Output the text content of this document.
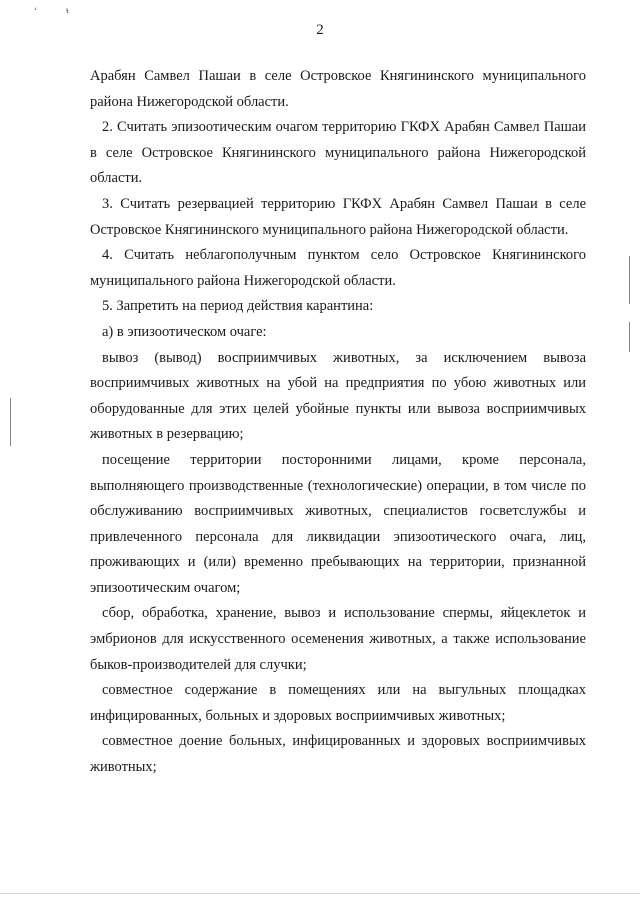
‘	ᵼ
2

Арабян Самвел Пашаи в селе Островское Княгининского муниципального района Нижегородской области.

2. Считать эпизоотическим очагом территорию ГКФХ Арабян Самвел Пашаи в селе Островское Княгининского муниципального района Нижегородской области.

3. Считать резервацией территорию ГКФХ Арабян Самвел Пашаи в селе Островское Княгининского муниципального района Нижегородской области.

4. Считать неблагополучным пунктом село Островское Княгининского муниципального района Нижегородской области.

5. Запретить на период действия карантина:

а) в эпизоотическом очаге:

вывоз (вывод) восприимчивых животных, за исключением вывоза восприимчивых животных на убой на предприятия по убою животных или оборудованные для этих целей убойные пункты или вывоза восприимчивых животных в резервацию;

посещение территории посторонними лицами, кроме персонала, выполняющего производственные (технологические) операции, в том числе по обслуживанию восприимчивых животных, специалистов госветслужбы и привлеченного персонала для ликвидации эпизоотического очага, лиц, проживающих и (или) временно пребывающих на территории, признанной эпизоотическим очагом;

сбор, обработка, хранение, вывоз и использование спермы, яйцеклеток и эмбрионов для искусственного осеменения животных, а также использование быков-производителей для случки;

совместное содержание в помещениях или на выгульных площадках инфицированных, больных и здоровых восприимчивых животных;

совместное доение больных, инфицированных и здоровых восприимчивых животных;
